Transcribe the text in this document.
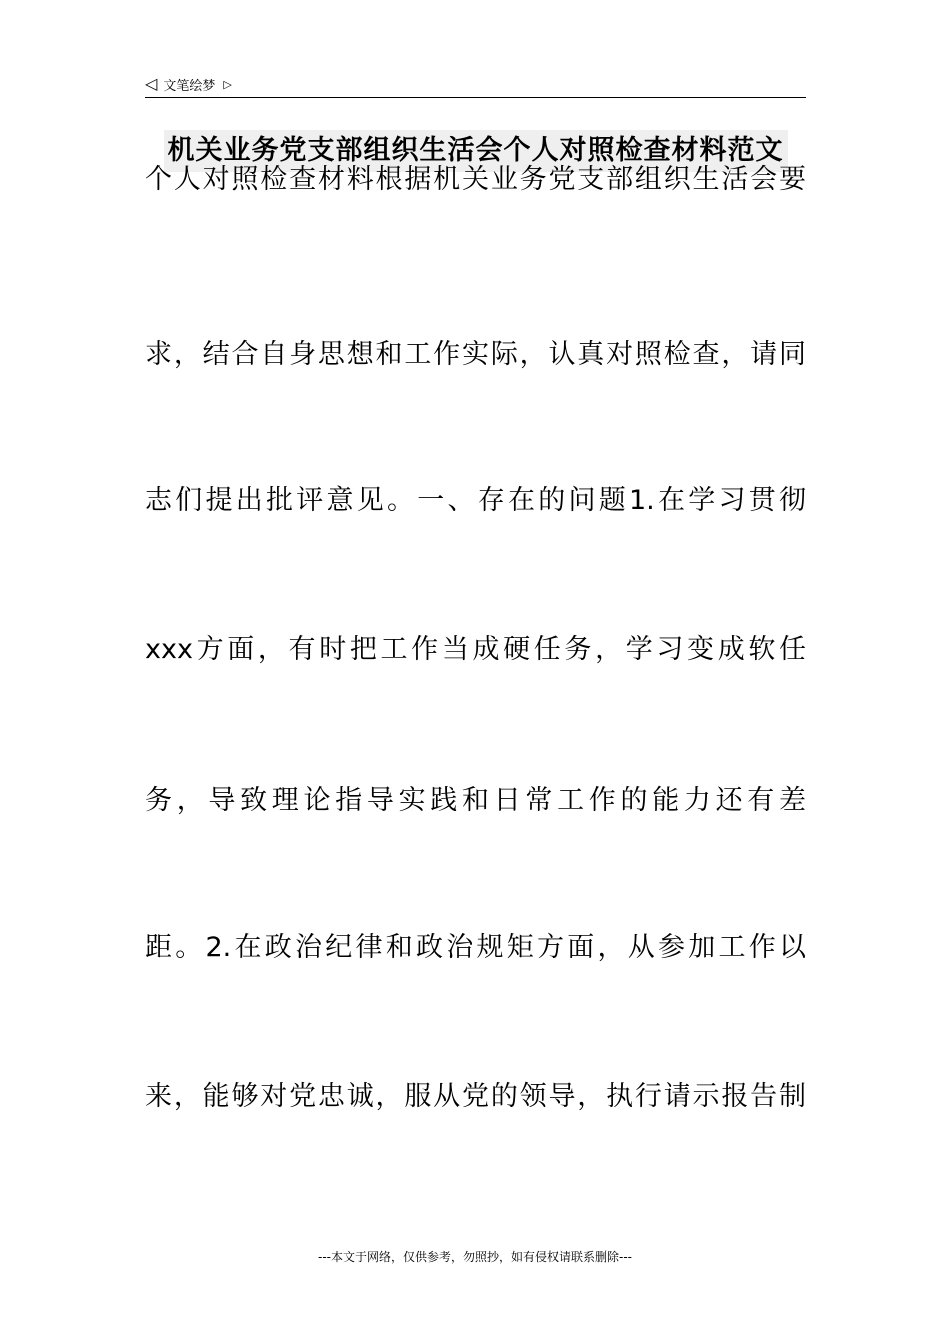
◁ 文笔绘梦 ▷
机关业务党支部组织生活会个人对照检查材料范文
个人对照检查材料根据机关业务党支部组织生活会要
求，结合自身思想和工作实际，认真对照检查，请同
志们提出批评意见。一、存在的问题1.在学习贯彻
xxx方面，有时把工作当成硬任务，学习变成软任
务，导致理论指导实践和日常工作的能力还有差
距。2.在政治纪律和政治规矩方面，从参加工作以
来，能够对党忠诚，服从党的领导，执行请示报告制
---本文于网络，仅供参考，勿照抄，如有侵权请联系删除---
